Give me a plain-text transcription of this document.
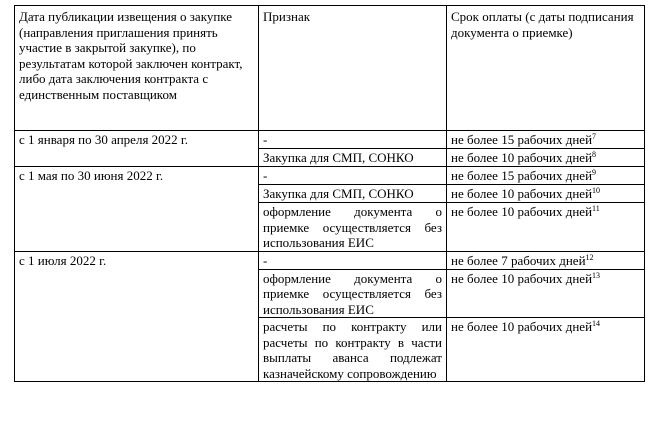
Дата публикации извещения о закупке (направления приглашения принять участие в закрытой закупке), по результатам которой заключен контракт, либо дата заключения контракта с единственным поставщиком	Признак	Срок оплаты (с даты подписания документа о приемке)
с 1 января по 30 апреля 2022 г.	-	не более 15 рабочих дней$^7$
	Закупка для СМП, СОНКО	не более 10 рабочих дней$^8$
с 1 мая по 30 июня 2022 г.	-	не более 15 рабочих дней$^9$
	Закупка для СМП, СОНКО	не более 10 рабочих дней$^{10}$
	оформление документа о приемке осуществляется без использования ЕИС	не более 10 рабочих дней$^{11}$
с 1 июля 2022 г.	-	не более 7 рабочих дней$^{12}$
	оформление документа о приемке осуществляется без использования ЕИС	не более 10 рабочих дней$^{13}$
	расчеты по контракту или расчеты по контракту в части выплаты аванса подлежат казначейскому сопровождению	не более 10 рабочих дней$^{14}$
